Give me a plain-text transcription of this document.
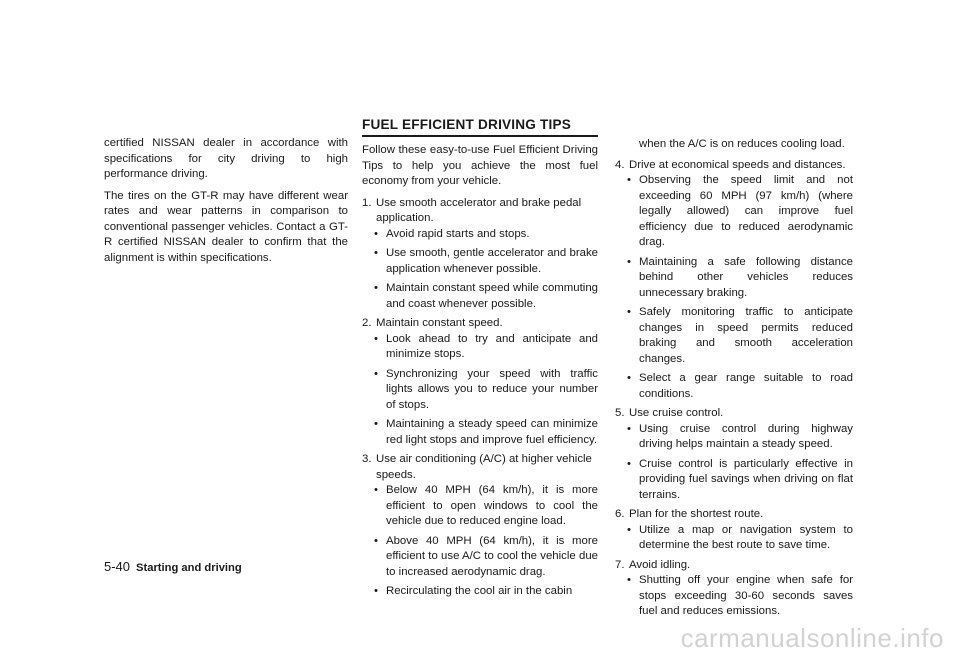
certified NISSAN dealer in accordance with specifications for city driving to high performance driving.

The tires on the GT-R may have different wear rates and wear patterns in comparison to conventional passenger vehicles. Contact a GT-R certified NISSAN dealer to confirm that the alignment is within specifications.

FUEL EFFICIENT DRIVING TIPS

Follow these easy-to-use Fuel Efficient Driving Tips to help you achieve the most fuel economy from your vehicle.

1. Use smooth accelerator and brake pedal application.
• Avoid rapid starts and stops.
• Use smooth, gentle accelerator and brake application whenever possible.
• Maintain constant speed while commuting and coast whenever possible.
2. Maintain constant speed.
• Look ahead to try and anticipate and minimize stops.
• Synchronizing your speed with traffic lights allows you to reduce your number of stops.
• Maintaining a steady speed can minimize red light stops and improve fuel efficiency.
3. Use air conditioning (A/C) at higher vehicle speeds.
• Below 40 MPH (64 km/h), it is more efficient to open windows to cool the vehicle due to reduced engine load.
• Above 40 MPH (64 km/h), it is more efficient to use A/C to cool the vehicle due to increased aerodynamic drag.
• Recirculating the cool air in the cabin
when the A/C is on reduces cooling load.
4. Drive at economical speeds and distances.
• Observing the speed limit and not exceeding 60 MPH (97 km/h) (where legally allowed) can improve fuel efficiency due to reduced aerodynamic drag.
• Maintaining a safe following distance behind other vehicles reduces unnecessary braking.
• Safely monitoring traffic to anticipate changes in speed permits reduced braking and smooth acceleration changes.
• Select a gear range suitable to road conditions.
5. Use cruise control.
• Using cruise control during highway driving helps maintain a steady speed.
• Cruise control is particularly effective in providing fuel savings when driving on flat terrains.
6. Plan for the shortest route.
• Utilize a map or navigation system to determine the best route to save time.
7. Avoid idling.
• Shutting off your engine when safe for stops exceeding 30-60 seconds saves fuel and reduces emissions.
5-40 Starting and driving
carmanualsonline.info
